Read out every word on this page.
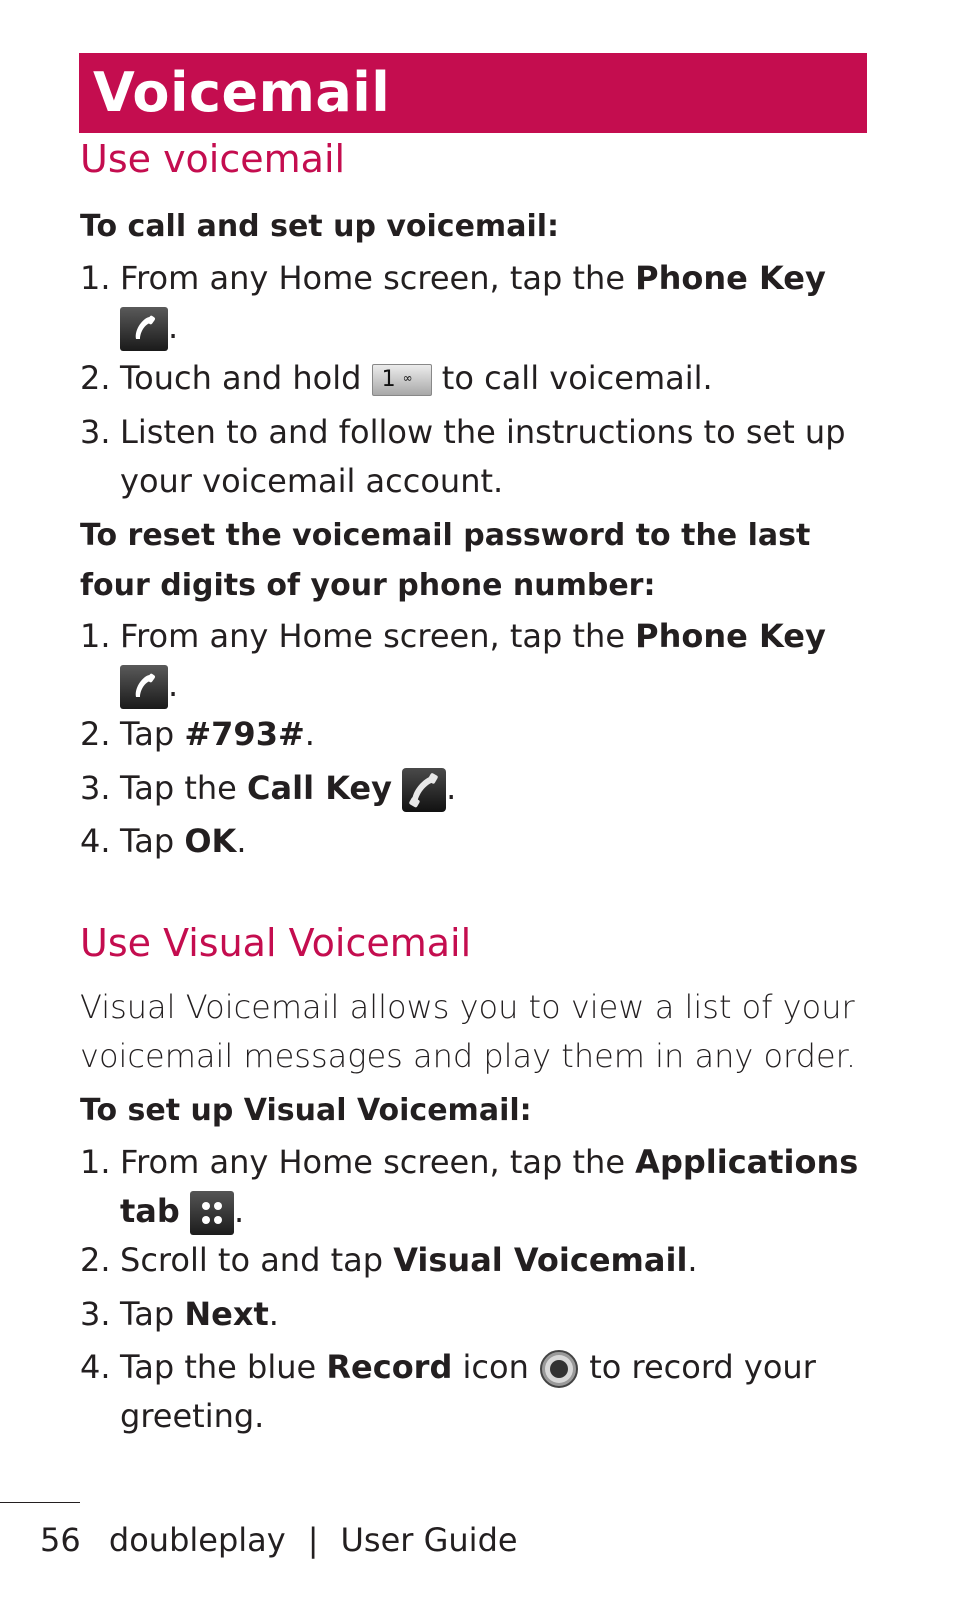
Voicemail
Use voicemail
To call and set up voicemail:
1. From any Home screen, tap the Phone Key

.
2. Touch and hold 1 ∞ to call voicemail.
3. Listen to and follow the instructions to set up your voicemail account.
To reset the voicemail password to the last four digits of your phone number:
1. From any Home screen, tap the Phone Key

.
2. Tap #793#.
3. Tap the Call Key .
4. Tap OK.
Use Visual Voicemail
Visual Voicemail allows you to view a list of your voicemail messages and play them in any order.
To set up Visual Voicemail:
1. From any Home screen, tap the Applications tab .
2. Scroll to and tap Visual Voicemail.
3. Tap Next.
4. Tap the blue Record icon  to record your greeting.
56 doubleplay | User Guide
